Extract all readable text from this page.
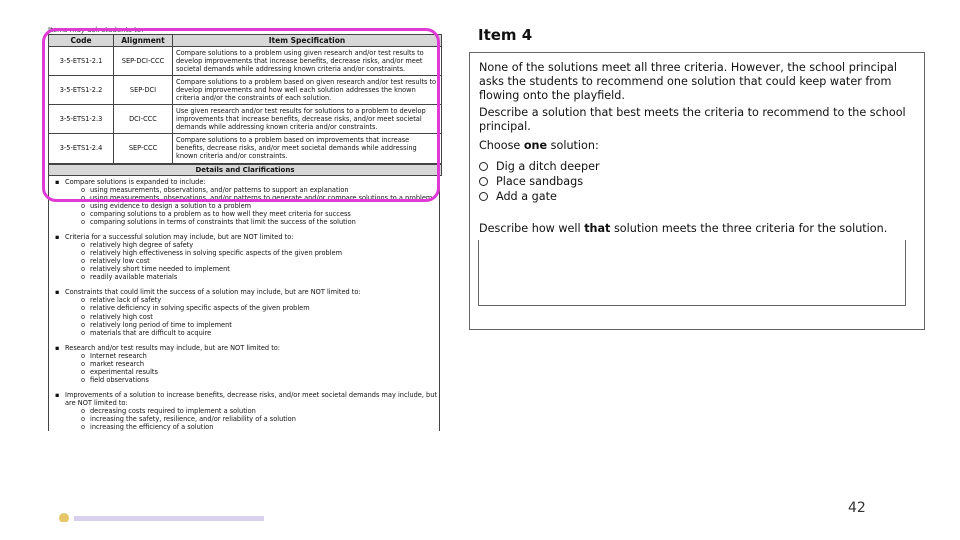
Items may ask students to:
Code	Alignment	Item Specification
3-5-ETS1-2.1	SEP-DCI-CCC	Compare solutions to a problem using given research and/or test results to develop improvements that increase benefits, decrease risks, and/or meet societal demands while addressing known criteria and/or constraints.
3-5-ETS1-2.2	SEP-DCI	Compare solutions to a problem based on given research and/or test results to develop improvements and how well each solution addresses the known criteria and/or the constraints of each solution.
3-5-ETS1-2.3	DCI-CCC	Use given research and/or test results for solutions to a problem to develop improvements that increase benefits, decrease risks, and/or meet societal demands while addressing known criteria and/or constraints.
3-5-ETS1-2.4	SEP-CCC	Compare solutions to a problem based on improvements that increase benefits, decrease risks, and/or meet societal demands while addressing known criteria and/or constraints.
Details and Clarifications
▪ Compare solutions is expanded to include:
o using measurements, observations, and/or patterns to support an explanation
o using measurements, observations, and/or patterns to generate and/or compare solutions to a problem
o using evidence to design a solution to a problem
o comparing solutions to a problem as to how well they meet criteria for success
o comparing solutions in terms of constraints that limit the success of the solution
▪ Criteria for a successful solution may include, but are NOT limited to:
o relatively high degree of safety
o relatively high effectiveness in solving specific aspects of the given problem
o relatively low cost
o relatively short time needed to implement
o readily available materials
▪ Constraints that could limit the success of a solution may include, but are NOT limited to:
o relative lack of safety
o relative deficiency in solving specific aspects of the given problem
o relatively high cost
o relatively long period of time to implement
o materials that are difficult to acquire
▪ Research and/or test results may include, but are NOT limited to:
o Internet research
o market research
o experimental results
o field observations
▪ Improvements of a solution to increase benefits, decrease risks, and/or meet societal demands may include, but are NOT limited to:
o decreasing costs required to implement a solution
o increasing the safety, resilience, and/or reliability of a solution
o increasing the efficiency of a solution
Item 4
None of the solutions meet all three criteria. However, the school principal asks the students to recommend one solution that could keep water from flowing onto the playfield.
Describe a solution that best meets the criteria to recommend to the school principal.
Choose one solution:
Dig a ditch deeper
Place sandbags
Add a gate
Describe how well that solution meets the three criteria for the solution.
42
